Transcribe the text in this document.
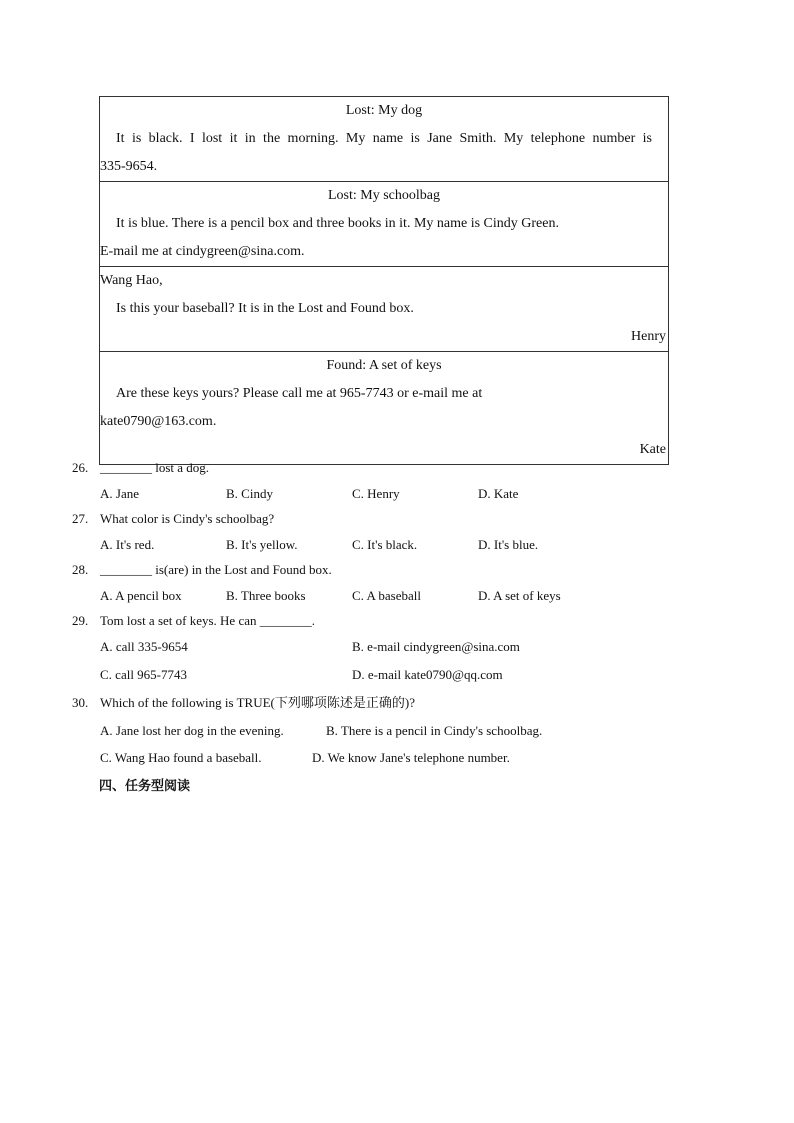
Lost: My dog

It is black. I lost it in the morning. My name is Jane Smith. My telephone number is

335-9654.

Lost: My schoolbag

It is blue. There is a pencil box and three books in it. My name is Cindy Green.

E-mail me at cindygreen@sina.com.

Wang Hao,

Is this your baseball? It is in the Lost and Found box.

Henry

Found: A set of keys

Are these keys yours? Please call me at 965-7743 or e-mail me at

kate0790@163.com.

Kate

26. ________ lost a dog.
A. Jane	B. Cindy	C. Henry	D. Kate
27. What color is Cindy's schoolbag?
A. It's red.	B. It's yellow.	C. It's black.	D. It's blue.
28. ________ is(are) in the Lost and Found box.
A. A pencil box	B. Three books	C. A baseball	D. A set of keys
29. Tom lost a set of keys. He can ________.
A. call 335-9654	B. e-mail cindygreen@sina.com
C. call 965-7743	D. e-mail kate0790@qq.com
30. Which of the following is TRUE(下列哪项陈述是正确的)?
A. Jane lost her dog in the evening.	B. There is a pencil in Cindy's schoolbag.
C. Wang Hao found a baseball.	D. We know Jane's telephone number.
四、任务型阅读
